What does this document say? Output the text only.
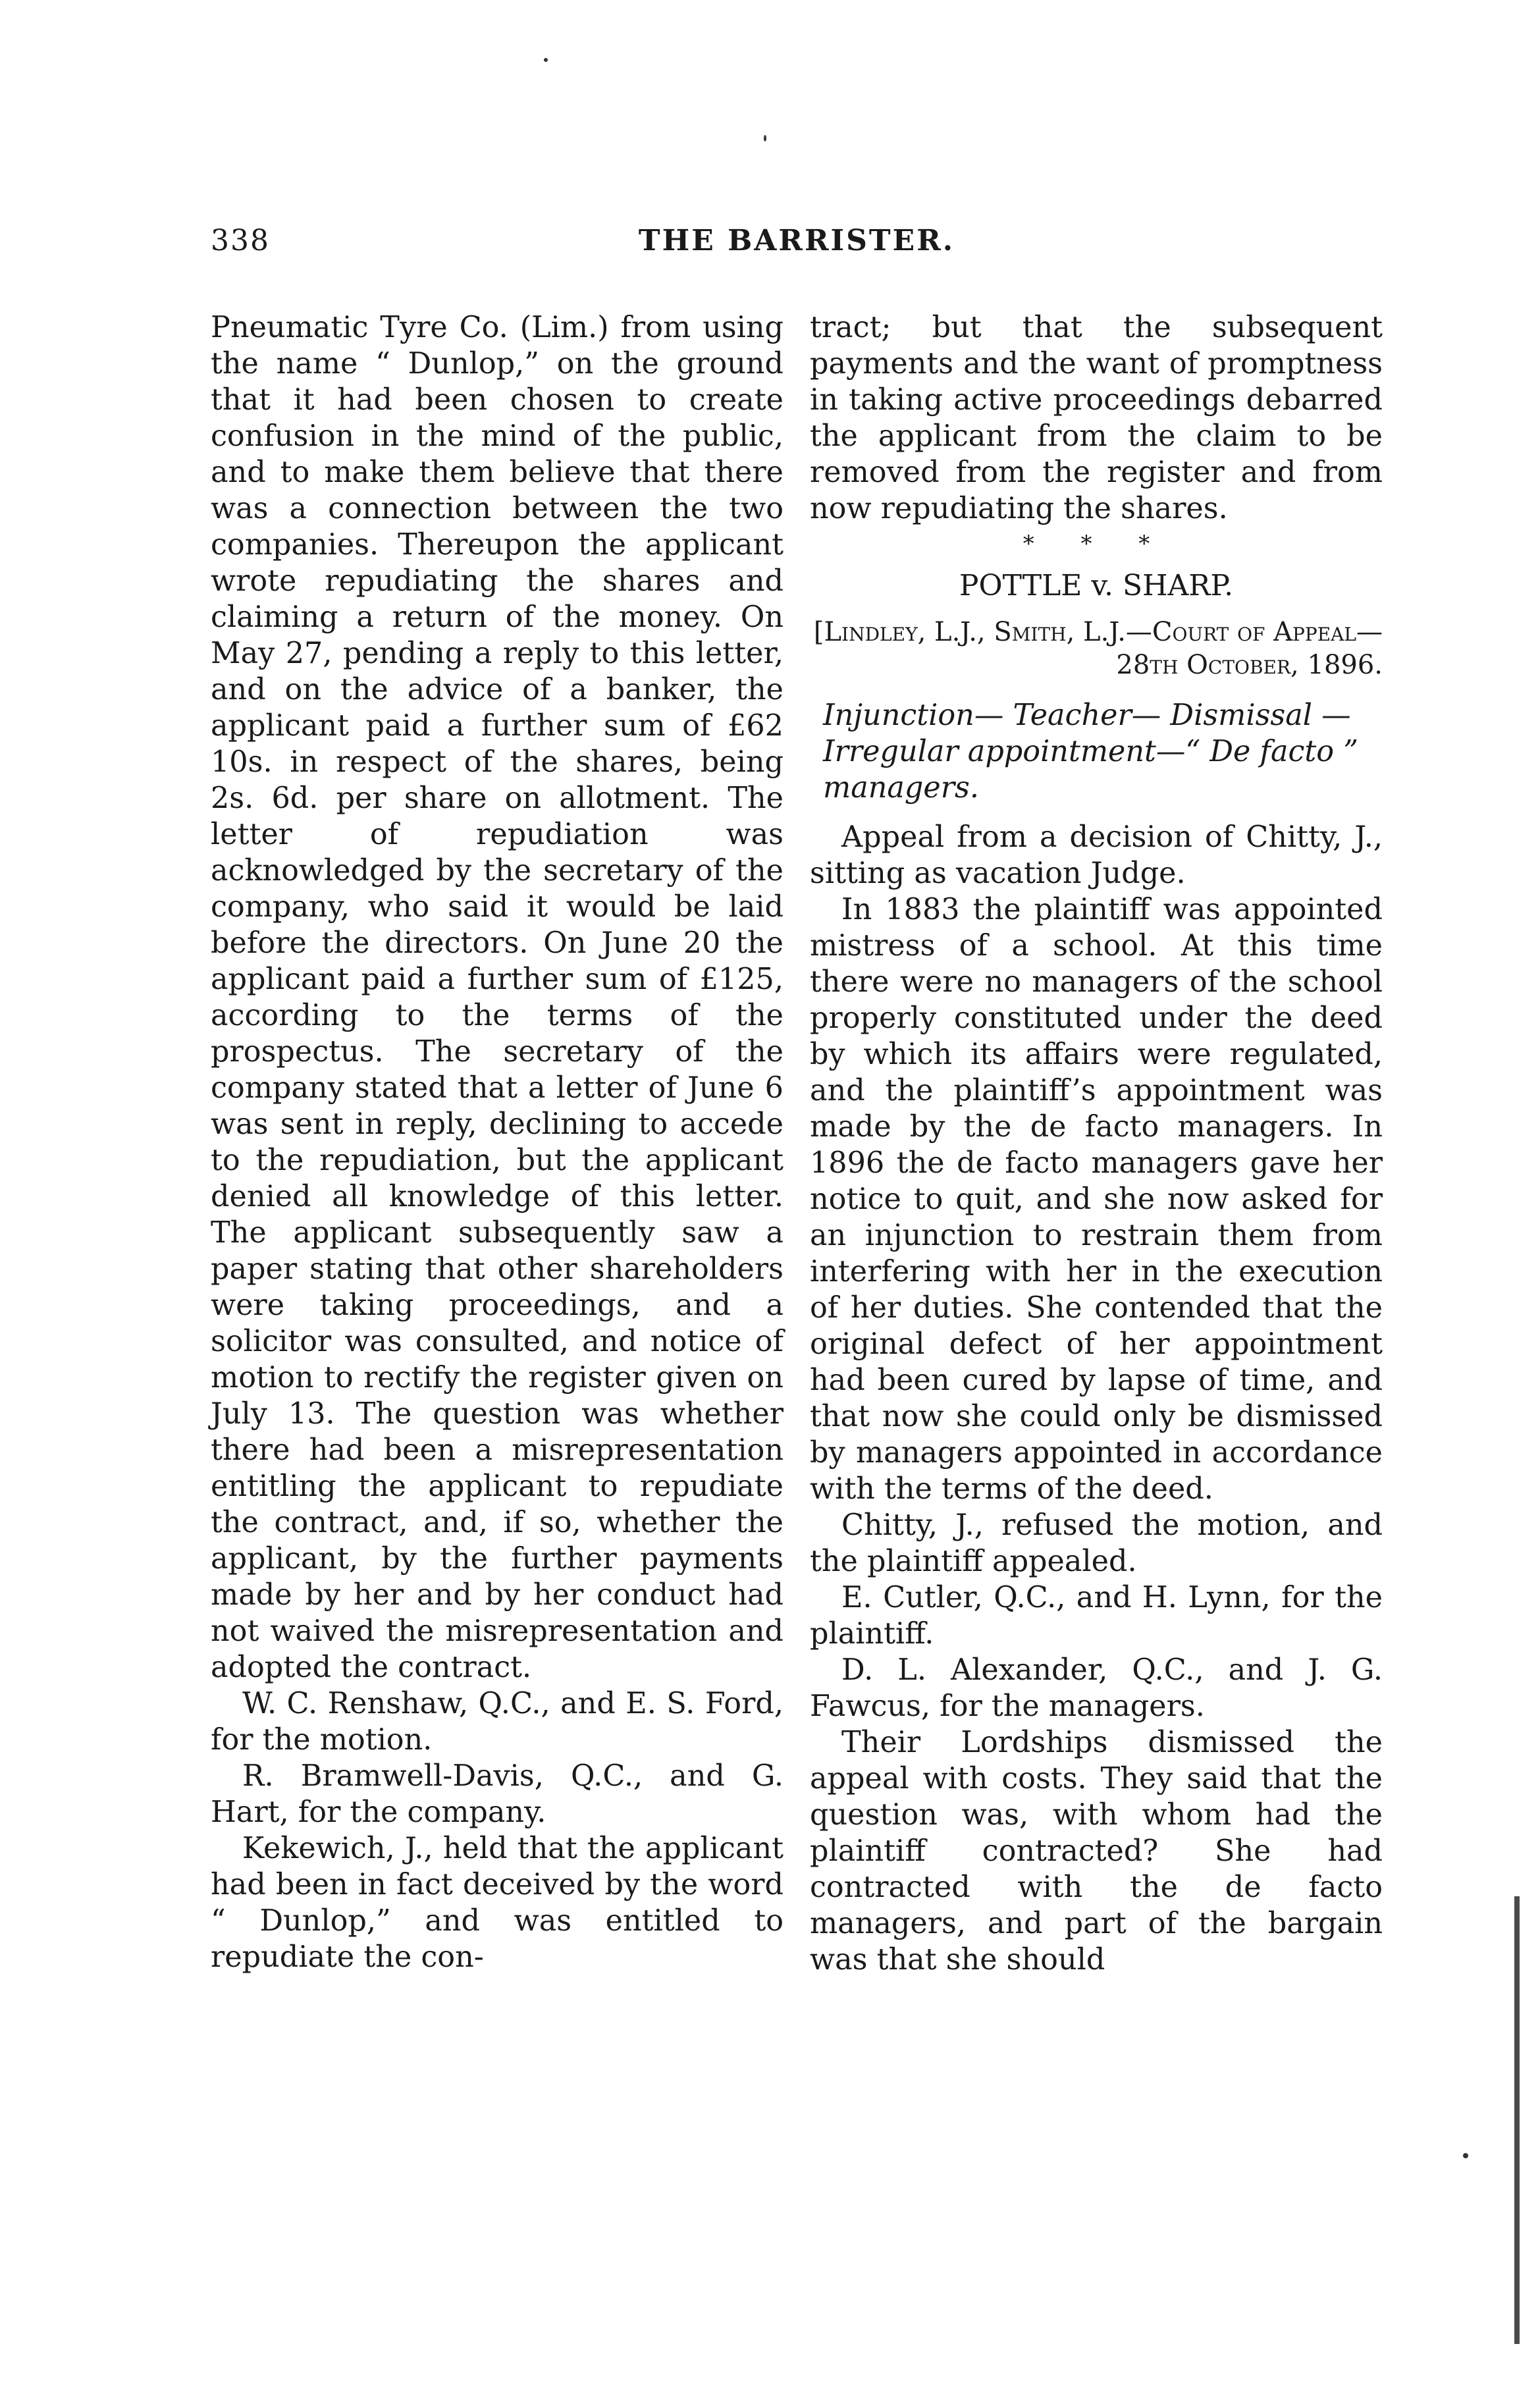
338	THE BARRISTER.

Pneumatic Tyre Co. (Lim.) from using the name “ Dunlop,” on the ground that it had been chosen to create confusion in the mind of the public, and to make them believe that there was a connection between the two companies. Thereupon the applicant wrote repudiating the shares and claiming a return of the money. On May 27, pending a reply to this letter, and on the advice of a banker, the applicant paid a further sum of £62 10s. in respect of the shares, being 2s. 6d. per share on allotment. The letter of repudiation was acknowledged by the secretary of the company, who said it would be laid before the directors. On June 20 the applicant paid a further sum of £125, according to the terms of the prospectus. The secretary of the company stated that a letter of June 6 was sent in reply, declining to accede to the repudiation, but the applicant denied all knowledge of this letter. The applicant subsequently saw a paper stating that other shareholders were taking proceedings, and a solicitor was consulted, and notice of motion to rectify the register given on July 13. The question was whether there had been a misrepresentation entitling the applicant to repudiate the contract, and, if so, whether the applicant, by the further payments made by her and by her conduct had not waived the misrepresentation and adopted the contract.

W. C. Renshaw, Q.C., and E. S. Ford, for the motion.

R. Bramwell-Davis, Q.C., and G. Hart, for the company.

Kekewich, J., held that the applicant had been in fact deceived by the word “ Dunlop,” and was entitled to repudiate the con-

tract; but that the subsequent payments and the want of promptness in taking active proceedings debarred the applicant from the claim to be removed from the register and from now repudiating the shares.

* * *
POTTLE v. SHARP.
[Lindley, L.J., Smith, L.J.—Court of Appeal—28th October, 1896.
Injunction— Teacher— Dismissal —Irregular appointment—“ De facto ” managers.

Appeal from a decision of Chitty, J., sitting as vacation Judge.

In 1883 the plaintiff was appointed mistress of a school. At this time there were no managers of the school properly constituted under the deed by which its affairs were regulated, and the plaintiff’s appointment was made by the de facto managers. In 1896 the de facto managers gave her notice to quit, and she now asked for an injunction to restrain them from interfering with her in the execution of her duties. She contended that the original defect of her appointment had been cured by lapse of time, and that now she could only be dismissed by managers appointed in accordance with the terms of the deed.

Chitty, J., refused the motion, and the plaintiff appealed.

E. Cutler, Q.C., and H. Lynn, for the plaintiff.

D. L. Alexander, Q.C., and J. G. Fawcus, for the managers.

Their Lordships dismissed the appeal with costs. They said that the question was, with whom had the plaintiff contracted? She had contracted with the de facto managers, and part of the bargain was that she should
